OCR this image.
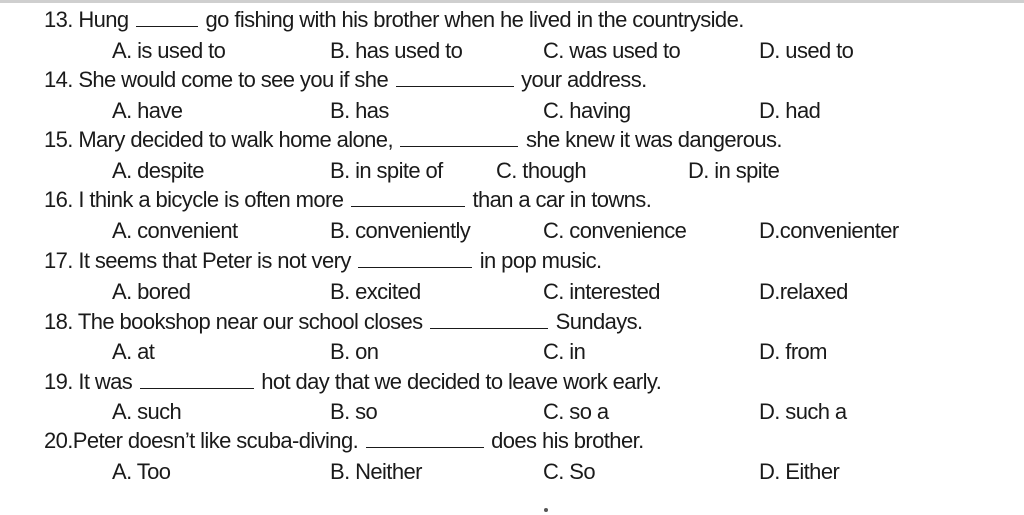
13. Hung	go fishing with his brother when he lived in the countryside.
A. is used to	B. has used to	C. was used to	D. used to
14. She would come to see you if she	your address.
A. have	B. has	C. having	D. had
15. Mary decided to walk home alone,	she knew it was dangerous.
A. despite	B. in spite of C. though	D. in spite
16. I think a bicycle is often more	than a car in towns.
A. convenient	B. conveniently	C. convenience	D.convenienter
17. It seems that Peter is not very	in pop music.
A. bored	B. excited	C. interested	D.relaxed
18. The bookshop near our school closes	Sundays.
A. at	B. on	C. in	D. from
19. It was	hot day that we decided to leave work early.
A. such	B. so	C. so a	D. such a
20.Peter doesn’t like scuba-diving.	does his brother.
A. Too	B. Neither	C. So	D. Either
